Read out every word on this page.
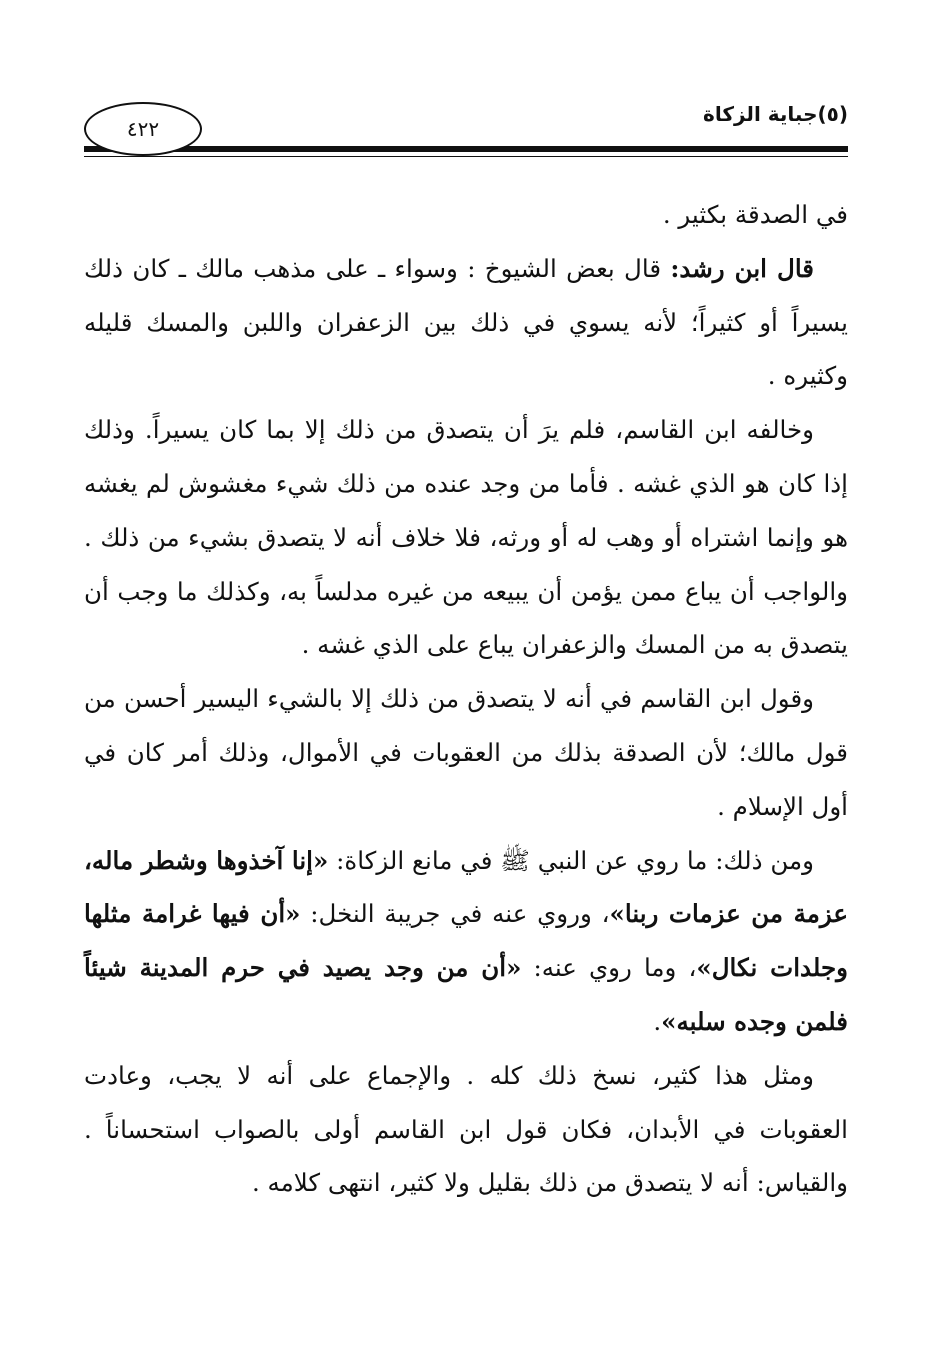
٤٢٢
(٥)جباية الزكاة

في الصدقة بكثير .

قال ابن رشد: قال بعض الشيوخ : وسواء ـ على مذهب مالك ـ كان ذلك يسيراً أو كثيراً؛ لأنه يسوي في ذلك بين الزعفران واللبن والمسك قليله وكثيره .

وخالفه ابن القاسم، فلم يرَ أن يتصدق من ذلك إلا بما كان يسيراً. وذلك إذا كان هو الذي غشه . فأما من وجد عنده من ذلك شيء مغشوش لم يغشه هو وإنما اشتراه أو وهب له أو ورثه، فلا خلاف أنه لا يتصدق بشيء من ذلك . والواجب أن يباع ممن يؤمن أن يبيعه من غيره مدلساً به، وكذلك ما وجب أن يتصدق به من المسك والزعفران يباع على الذي غشه .

وقول ابن القاسم في أنه لا يتصدق من ذلك إلا بالشيء اليسير أحسن من قول مالك؛ لأن الصدقة بذلك من العقوبات في الأموال، وذلك أمر كان في أول الإسلام .

ومن ذلك: ما روي عن النبي ﷺ في مانع الزكاة: «إنا آخذوها وشطر ماله، عزمة من عزمات ربنا»، وروي عنه في جريبة النخل: «أن فيها غرامة مثلها وجلدات نكال»، وما روي عنه: «أن من وجد يصيد في حرم المدينة شيئاً فلمن وجده سلبه».

ومثل هذا كثير، نسخ ذلك كله . والإجماع على أنه لا يجب، وعادت العقوبات في الأبدان، فكان قول ابن القاسم أولى بالصواب استحساناً . والقياس: أنه لا يتصدق من ذلك بقليل ولا كثير، انتهى كلامه .
